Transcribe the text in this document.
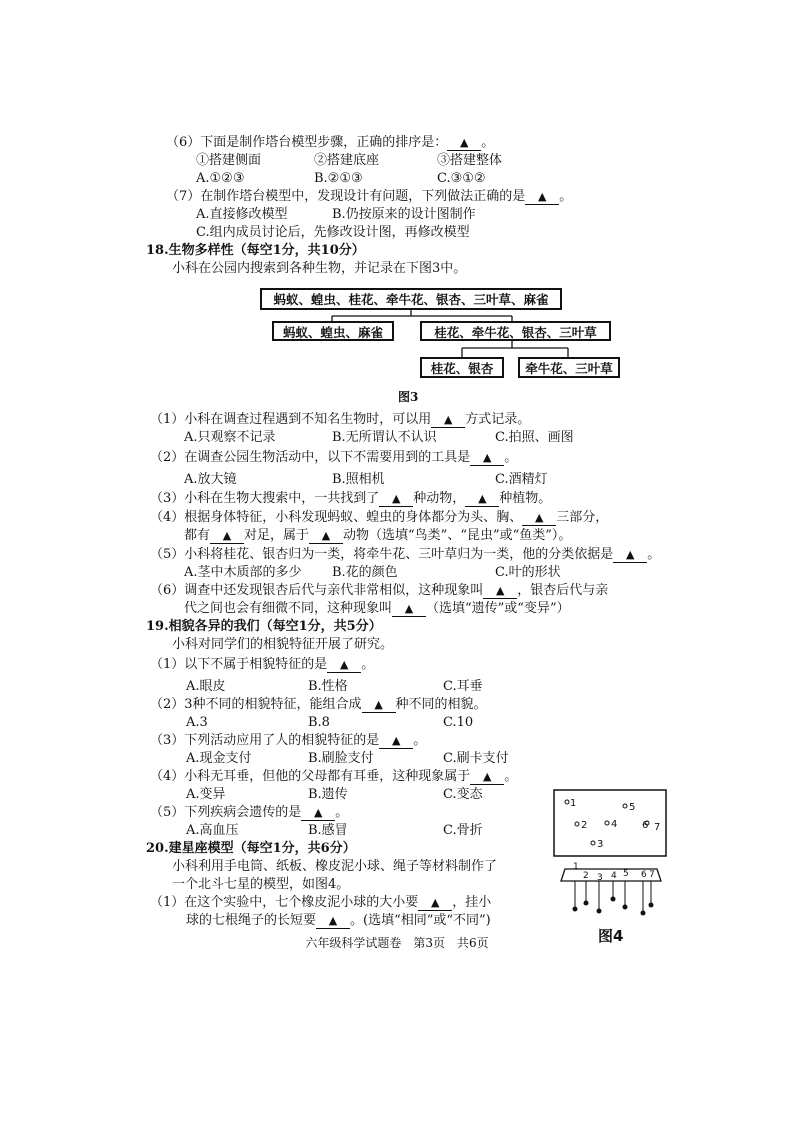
（6）下面是制作塔台模型步骤，正确的排序是： ▲ 。
①搭建侧面	②搭建底座	③搭建整体
A.①②③	B.②①③	C.③①②
（7）在制作塔台模型中，发现设计有问题，下列做法正确的是 ▲ 。
A.直接修改模型	B.仍按原来的设计图制作
C.组内成员讨论后，先修改设计图，再修改模型
18.生物多样性（每空1分，共10分）
小科在公园内搜索到各种生物，并记录在下图3中。
蚂蚁、蝗虫、桂花、牵牛花、银杏、三叶草、麻雀
蚂蚁、蝗虫、麻雀	桂花、牵牛花、银杏、三叶草
桂花、银杏	牵牛花、三叶草
图3
（1）小科在调查过程遇到不知名生物时，可以用 ▲ 方式记录。
A.只观察不记录	B.无所谓认不认识	C.拍照、画图
（2）在调查公园生物活动中，以下不需要用到的工具是 ▲ 。
A.放大镜	B.照相机	C.酒精灯
（3）小科在生物大搜索中，一共找到了 ▲ 种动物， ▲ 种植物。
（4）根据身体特征，小科发现蚂蚁、蝗虫的身体都分为头、胸、 ▲ 三部分，
都有 ▲ 对足，属于 ▲ 动物（选填“鸟类”、“昆虫”或“鱼类”）。
（5）小科将桂花、银杏归为一类，将牵牛花、三叶草归为一类，他的分类依据是 ▲ 。
A.茎中木质部的多少 B.花的颜色	C.叶的形状
（6）调查中还发现银杏后代与亲代非常相似，这种现象叫 ▲ ，银杏后代与亲
代之间也会有细微不同，这种现象叫 ▲ （选填“遗传”或“变异”）
19.相貌各异的我们（每空1分，共5分）
小科对同学们的相貌特征开展了研究。
（1）以下不属于相貌特征的是 ▲ 。
A.眼皮	B.性格	C.耳垂
（2）3种不同的相貌特征，能组合成 ▲ 种不同的相貌。
A.3	B.8	C.10
（3）下列活动应用了人的相貌特征的是 ▲ 。
A.现金支付	B.刷脸支付	C.刷卡支付
（4）小科无耳垂，但他的父母都有耳垂，这种现象属于 ▲ 。
A.变异	B.遗传	C.变态
（5）下列疾病会遗传的是 ▲ 。
A.高血压	B.感冒	C.骨折
20.建星座模型（每空1分，共6分）
小科利用手电筒、纸板、橡皮泥小球、绳子等材料制作了
一个北斗七星的模型，如图4。
（1）在这个实验中，七个橡皮泥小球的大小要 ▲ ，挂小
球的七根绳子的长短要 ▲ 。(选填“相同”或“不同”)
1	5
2 4 6 7
3
1
2 3 4 5 6 7
图4
六年级科学试题卷　第3页　共6页
